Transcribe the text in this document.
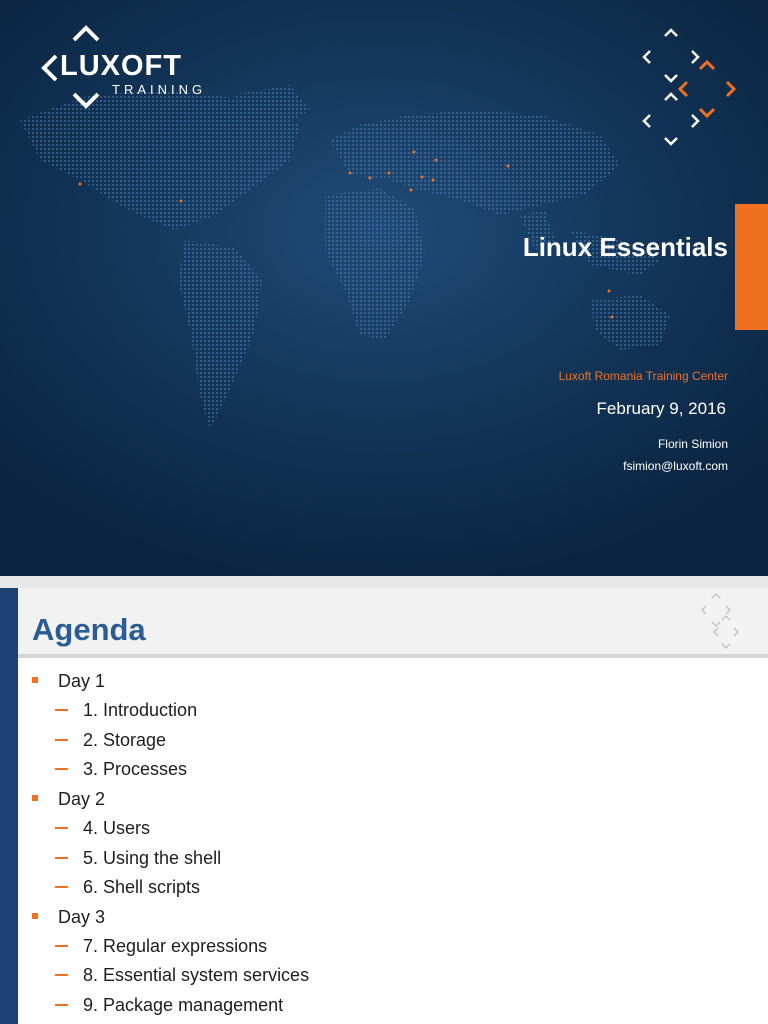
LUXOFT
TRAINING
Linux Essentials
Luxoft Romania Training Center
February 9, 2016
Florin Simion
fsimion@luxoft.com
Agenda
Day 1
1. Introduction
2. Storage
3. Processes
Day 2
4. Users
5. Using the shell
6. Shell scripts
Day 3
7. Regular expressions
8. Essential system services
9. Package management
